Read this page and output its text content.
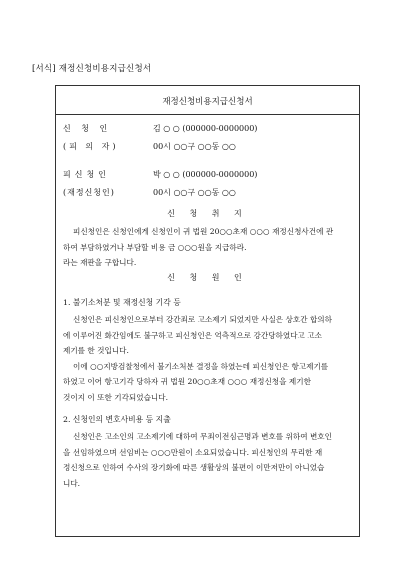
[서식] 재정신청비용지급신청서
재정신청비용지급신청서
신 청 인	김 ○ ○ (000000-0000000)
(피 의 자)	00시 ○○구 ○○동 ○○
피신청인	박 ○ ○ (000000-0000000)
(재정신청인)	00시 ○○구 ○○동 ○○
신 청 취 지
피신청인은 신청인에게 신청인이 귀 법원 20○○초재 ○○○ 재정신청사건에 관
하여 부담하였거나 부담할 비용 금 ○○○원을 지급하라.
라는 재판을 구합니다.
신 청 원 인
1. 불기소처분 및 재정신청 기각 등
신청인은 피신청인으로부터 강간죄로 고소제기 되었지만 사실은 상호간 합의하
에 이루어진 화간임에도 불구하고 피신청인은 억측적으로 강간당하였다고 고소
제기를 한 것입니다.
이에 ○○지방검찰청에서 불기소처분 결정을 하였는데 피신청인은 항고제기를
하였고 이어 항고기각 당하자 귀 법원 20○○초재 ○○○ 재정신청을 제기한
것이지 이 또한 기각되었습니다.
2. 신청인의 변호사비용 등 지출
신청인은 고소인의 고소제기에 대하여 무죄이전심근명과 변호를 위하여 변호인
을 선임하였으며 선임비는 ○○○만원이 소요되었습니다. 피신청인의 무리한 재
정신청으로 인하여 수사의 장기화에 따른 생활상의 불편이 이만저만이 아니었습
니다.
